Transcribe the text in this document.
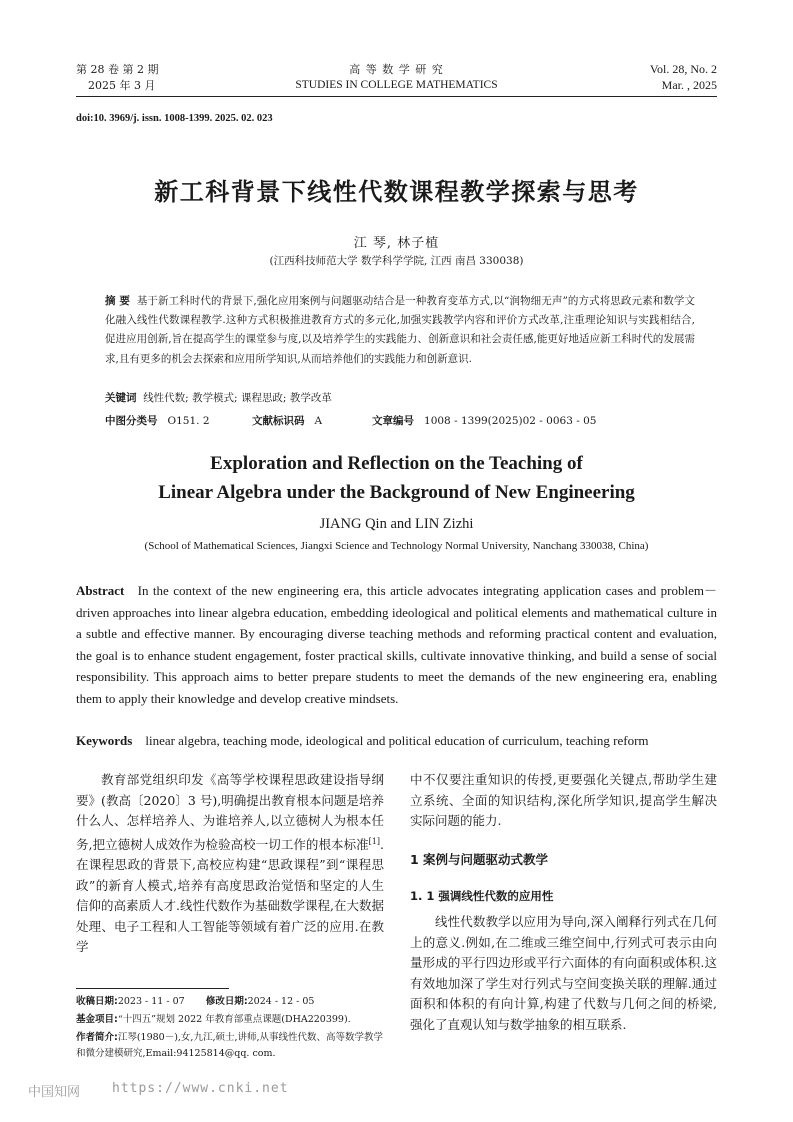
第 28 卷 第 2 期
2025 年 3 月
高 等 数 学 研 究
STUDIES IN COLLEGE MATHEMATICS
Vol. 28, No. 2
Mar. , 2025
doi:10. 3969/j. issn. 1008-1399. 2025. 02. 023
新工科背景下线性代数课程教学探索与思考
江 琴, 林子植
(江西科技师范大学 数学科学学院, 江西 南昌 330038)
摘 要 基于新工科时代的背景下,强化应用案例与问题驱动结合是一种教育变革方式,以“润物细无声”的方式将思政元素和数学文化融入线性代数课程教学.这种方式积极推进教育方式的多元化,加强实践教学内容和评价方式改革,注重理论知识与实践相结合,促进应用创新,旨在提高学生的课堂参与度,以及培养学生的实践能力、创新意识和社会责任感,能更好地适应新工科时代的发展需求,且有更多的机会去探索和应用所学知识,从而培养他们的实践能力和创新意识.
关键词 线性代数; 教学模式; 课程思政; 教学改革
中图分类号 O151. 2	文献标识码 A	文章编号 1008 - 1399(2025)02 - 0063 - 05
Exploration and Reflection on the Teaching of
Linear Algebra under the Background of New Engineering
JIANG Qin and LIN Zizhi
(School of Mathematical Sciences, Jiangxi Science and Technology Normal University, Nanchang 330038, China)
Abstract In the context of the new engineering era, this article advocates integrating application cases and problem－driven approaches into linear algebra education, embedding ideological and political elements and mathematical culture in a subtle and effective manner. By encouraging diverse teaching methods and reforming practical content and evaluation, the goal is to enhance student engagement, foster practical skills, cultivate innovative thinking, and build a sense of social responsibility. This approach aims to better prepare students to meet the demands of the new engineering era, enabling them to apply their knowledge and develop creative mindsets.
Keywords linear algebra, teaching mode, ideological and political education of curriculum, teaching reform
教育部党组织印发《高等学校课程思政建设指导纲要》(教高〔2020〕3 号),明确提出教育根本问题是培养什么人、怎样培养人、为谁培养人,以立德树人为根本任务,把立德树人成效作为检验高校一切工作的根本标准[1].在课程思政的背景下,高校应构建“思政课程”到“课程思政”的新育人模式,培养有高度思政治觉悟和坚定的人生信仰的高素质人才.线性代数作为基础数学课程,在大数据处理、电子工程和人工智能等领域有着广泛的应用.在教学
收稿日期:2023 - 11 - 07 修改日期:2024 - 12 - 05
基金项目:“十四五”规划 2022 年教育部重点课题(DHA220399).
作者简介:江琴(1980－),女,九江,硕士,讲师,从事线性代数、高等数学教学和微分建模研究,Email:94125814@qq. com.
中不仅要注重知识的传授,更要强化关键点,帮助学生建立系统、全面的知识结构,深化所学知识,提高学生解决实际问题的能力.
1 案例与问题驱动式教学
1. 1 强调线性代数的应用性
线性代数教学以应用为导向,深入阐释行列式在几何上的意义.例如,在二维或三维空间中,行列式可表示由向量形成的平行四边形或平行六面体的有向面积或体积.这有效地加深了学生对行列式与空间变换关联的理解.通过面积和体积的有向计算,构建了代数与几何之间的桥梁,强化了直观认知与数学抽象的相互联系.
中国知网 https://www.cnki.net
